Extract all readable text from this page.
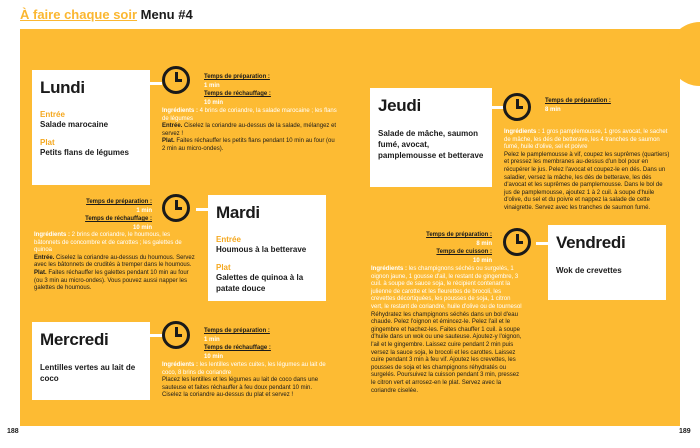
À faire chaque soir Menu #4
Lundi
Entrée
Salade marocaine
Plat
Petits flans de légumes
Temps de préparation :
1 min
Temps de réchauffage :
10 min
Ingrédients : 4 brins de coriandre, la salade marocaine ; les flans de légumes
Entrée. Ciselez la coriandre au-dessus de la salade, mélangez et servez !
Plat. Faites réchauffer les petits flans pendant 10 min au four (ou 2 min au micro-ondes).
Mardi
Entrée
Houmous à la betterave
Plat
Galettes de quinoa à la patate douce
Temps de préparation :
1 min
Temps de réchauffage :
10 min
Ingrédients : 2 brins de coriandre, le houmous, les bâtonnets de concombre et de carottes ; les galettes de quinoa
Entrée. Ciselez la coriandre au-dessus du houmous. Servez avec les bâtonnets de crudités à tremper dans le houmous.
Plat. Faites réchauffer les galettes pendant 10 min au four (ou 3 min au micro-ondes). Vous pouvez aussi napper les galettes de houmous.
Mercredi
Lentilles vertes au lait de coco
Temps de préparation :
1 min
Temps de réchauffage :
10 min
Ingrédients : les lentilles vertes cuites, les légumes au lait de coco, 8 brins de coriandre
Placez les lentilles et les légumes au lait de coco dans une sauteuse et faites réchauffer à feu doux pendant 10 min. Ciselez la coriandre au-dessus du plat et servez !
Jeudi
Salade de mâche, saumon fumé, avocat, pamplemousse et betterave
Temps de préparation :
8 min
Ingrédients : 1 gros pamplemousse, 1 gros avocat, le sachet de mâche, les dés de betterave, les 4 tranches de saumon fumé, huile d'olive, sel et poivre
Pelez le pamplemousse à vif, coupez les suprêmes (quartiers) et pressez les membranes au-dessus d'un bol pour en récupérer le jus. Pelez l'avocat et coupez-le en dés. Dans un saladier, versez la mâche, les dés de betterave, les dés d'avocat et les suprêmes de pamplemousse. Dans le bol de jus de pamplemousse, ajoutez 1 à 2 cuil. à soupe d'huile d'olive, du sel et du poivre et nappez la salade de cette vinaigrette. Servez avec les tranches de saumon fumé.
Vendredi
Wok de crevettes
Temps de préparation :
8 min
Temps de cuisson :
10 min
Ingrédients : les champignons séchés ou surgelés, 1 oignon jaune, 1 gousse d'ail, le restant de gingembre, 3 cuil. à soupe de sauce soja, le récipient contenant la julienne de carotte et les fleurettes de brocoli, les crevettes décortiquées, les pousses de soja, 1 citron vert, le restant de coriandre, huile d'olive ou de tournesol
Réhydratez les champignons séchés dans un bol d'eau chaude. Pelez l'oignon et émincez-le. Pelez l'ail et le gingembre et hachez-les. Faites chauffer 1 cuil. à soupe d'huile dans un wok ou une sauteuse. Ajoutez-y l'oignon, l'ail et le gingembre. Laissez cuire pendant 2 min puis versez la sauce soja, le brocoli et les carottes. Laissez cuire pendant 3 min à feu vif. Ajoutez les crevettes, les pousses de soja et les champignons réhydratés ou surgelés. Poursuivez la cuisson pendant 3 min, pressez le citron vert et arrosez-en le plat. Servez avec la coriandre ciselée.
188	189
